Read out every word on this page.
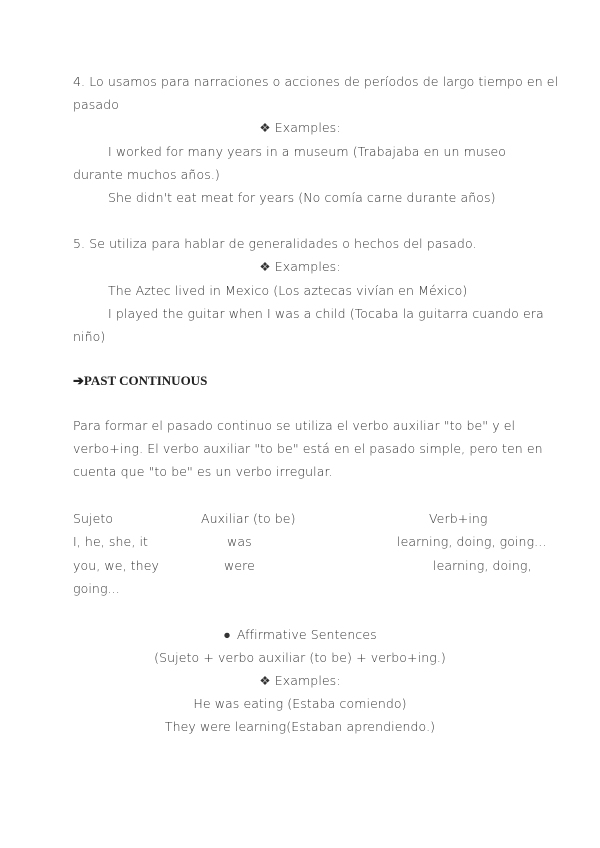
4. Lo usamos para narraciones o acciones de períodos de largo tiempo en el
pasado
❖ Examples:
I worked for many years in a museum (Trabajaba en un museo
durante muchos años.)
She didn't eat meat for years (No comía carne durante años)
5. Se utiliza para hablar de generalidades o hechos del pasado.
❖ Examples:
The Aztec lived in Mexico (Los aztecas vivían en México)
I played the guitar when I was a child (Tocaba la guitarra cuando era
niño)
➔PAST CONTINUOUS
Para formar el pasado continuo se utiliza el verbo auxiliar "to be" y el
verbo+ing. El verbo auxiliar "to be" está en el pasado simple, pero ten en
cuenta que "to be" es un verbo irregular.
Sujeto	Auxiliar (to be)	Verb+ing
I, he, she, it	was	learning, doing, going...
you, we, they	were	learning, doing,
going...
● Affirmative Sentences
(Sujeto + verbo auxiliar (to be) + verbo+ing.)
❖ Examples:
He was eating (Estaba comiendo)
They were learning(Estaban aprendiendo.)
